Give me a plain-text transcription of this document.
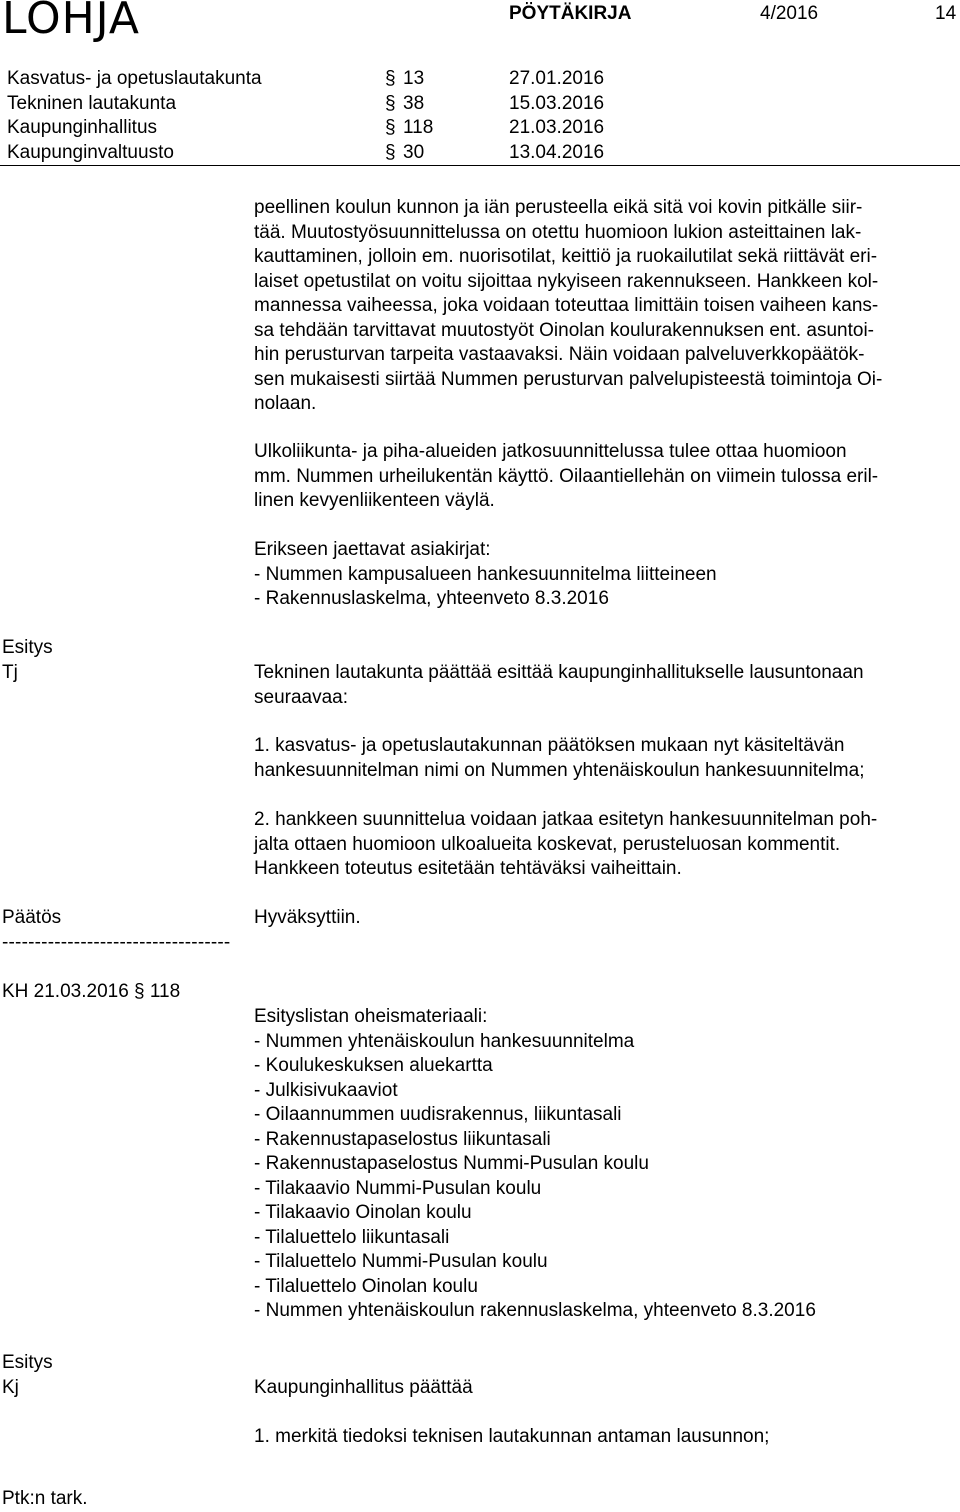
LOHJA	PÖYTÄKIRJA	4/2016	14
Kasvatus- ja opetuslautakunta	§ 13	27.01.2016
Tekninen lautakunta	§ 38	15.03.2016
Kaupunginhallitus	§ 118	21.03.2016
Kaupunginvaltuusto	§ 30	13.04.2016
peellinen koulun kunnon ja iän perusteella eikä sitä voi kovin pitkälle siir-
tää. Muutostyösuunnittelussa on otettu huomioon lukion asteittainen lak-
kauttaminen, jolloin em. nuorisotilat, keittiö ja ruokailutilat sekä riittävät eri-
laiset opetustilat on voitu sijoittaa nykyiseen rakennukseen. Hankkeen kol-
mannessa vaiheessa, joka voidaan toteuttaa limittäin toisen vaiheen kans-
sa tehdään tarvittavat muutostyöt Oinolan koulurakennuksen ent. asuntoi-
hin perusturvan tarpeita vastaavaksi. Näin voidaan palveluverkkopäätök-
sen mukaisesti siirtää Nummen perusturvan palvelupisteestä toimintoja Oi-
nolaan.
Ulkoliikunta- ja piha-alueiden jatkosuunnittelussa tulee ottaa huomioon
mm. Nummen urheilukentän käyttö. Oilaantiellehän on viimein tulossa eril-
linen kevyenliikenteen väylä.
Erikseen jaettavat asiakirjat:
- Nummen kampusalueen hankesuunnitelma liitteineen
- Rakennuslaskelma, yhteenveto 8.3.2016
Esitys
Tj	Tekninen lautakunta päättää esittää kaupunginhallitukselle lausuntonaan
seuraavaa:
1. kasvatus- ja opetuslautakunnan päätöksen mukaan nyt käsiteltävän
hankesuunnitelman nimi on Nummen yhtenäiskoulun hankesuunnitelma;
2. hankkeen suunnittelua voidaan jatkaa esitetyn hankesuunnitelman poh-
jalta ottaen huomioon ulkoalueita koskevat, perusteluosan kommentit.
Hankkeen toteutus esitetään tehtäväksi vaiheittain.
Päätös	Hyväksyttiin.
-----------------------------------
KH 21.03.2016 § 118
Esityslistan oheismateriaali:
- Nummen yhtenäiskoulun hankesuunnitelma
- Koulukeskuksen aluekartta
- Julkisivukaaviot
- Oilaannummen uudisrakennus, liikuntasali
- Rakennustapaselostus liikuntasali
- Rakennustapaselostus Nummi-Pusulan koulu
- Tilakaavio Nummi-Pusulan koulu
- Tilakaavio Oinolan koulu
- Tilaluettelo liikuntasali
- Tilaluettelo Nummi-Pusulan koulu
- Tilaluettelo Oinolan koulu
- Nummen yhtenäiskoulun rakennuslaskelma, yhteenveto 8.3.2016
Esitys
Kj	Kaupunginhallitus päättää
1. merkitä tiedoksi teknisen lautakunnan antaman lausunnon;
Ptk:n tark.
